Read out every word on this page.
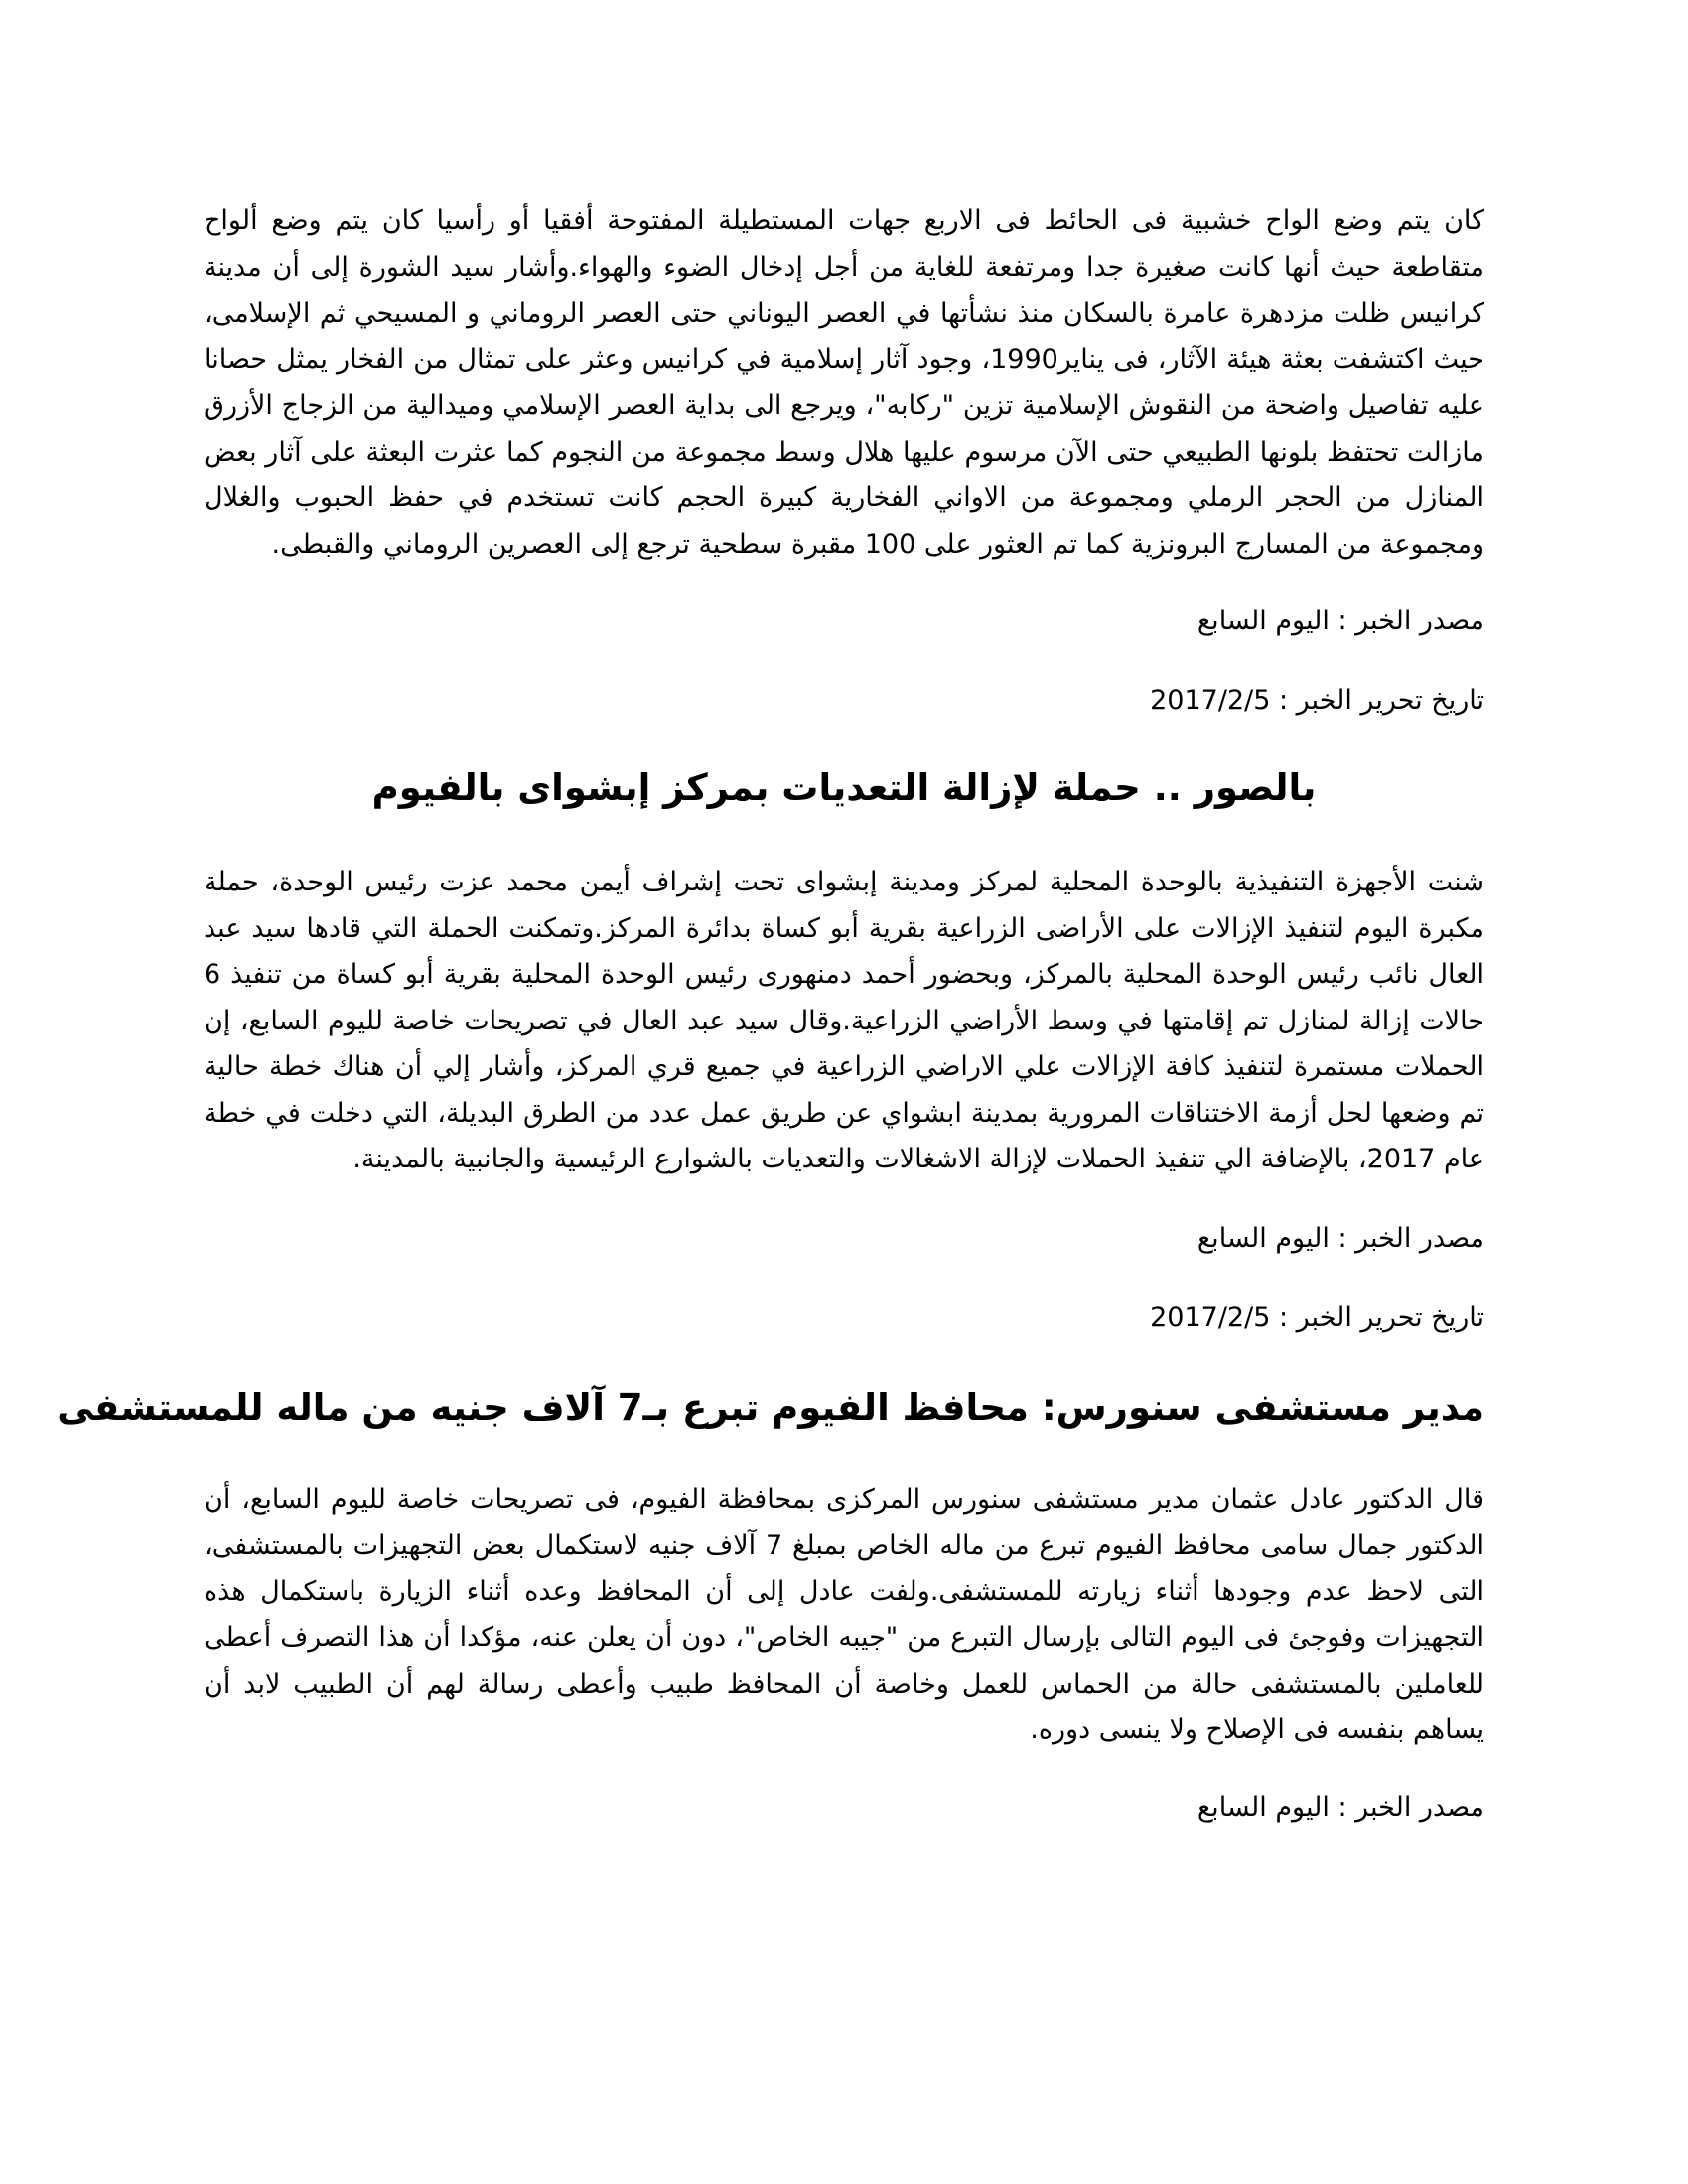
كان يتم وضع الواح خشبية فى الحائط فى الاربع جهات المستطيلة المفتوحة أفقيا أو رأسيا كان يتم وضع ألواح متقاطعة حيث أنها كانت صغيرة جدا ومرتفعة للغاية من أجل إدخال الضوء والهواء.وأشار سيد الشورة إلى أن مدينة كرانيس ظلت مزدهرة عامرة بالسكان منذ نشأتها في العصر اليوناني حتى العصر الروماني و المسيحي ثم الإسلامى، حيث اكتشفت بعثة هيئة الآثار، فى يناير1990، وجود آثار إسلامية في كرانيس وعثر على تمثال من الفخار يمثل حصانا عليه تفاصيل واضحة من النقوش الإسلامية تزين "ركابه"، ويرجع الى بداية العصر الإسلامي وميدالية من الزجاج الأزرق مازالت تحتفظ بلونها الطبيعي حتى الآن مرسوم عليها هلال وسط مجموعة من النجوم كما عثرت البعثة على آثار بعض المنازل من الحجر الرملي ومجموعة من الاواني الفخارية كبيرة الحجم كانت تستخدم في حفظ الحبوب والغلال ومجموعة من المسارج البرونزية كما تم العثور على 100 مقبرة سطحية ترجع إلى العصرين الروماني والقبطى.

مصدر الخبر : اليوم السابع

تاريخ تحرير الخبر : 2017/2/5

بالصور .. حملة لإزالة التعديات بمركز إبشواى بالفيوم

شنت الأجهزة التنفيذية بالوحدة المحلية لمركز ومدينة إبشواى تحت إشراف أيمن محمد عزت رئيس الوحدة، حملة مكبرة اليوم لتنفيذ الإزالات على الأراضى الزراعية بقرية أبو كساة بدائرة المركز.وتمكنت الحملة التي قادها سيد عبد العال نائب رئيس الوحدة المحلية بالمركز، وبحضور أحمد دمنهورى رئيس الوحدة المحلية بقرية أبو كساة من تنفيذ 6 حالات إزالة لمنازل تم إقامتها في وسط الأراضي الزراعية.وقال سيد عبد العال في تصريحات خاصة لليوم السابع، إن الحملات مستمرة لتنفيذ كافة الإزالات علي الاراضي الزراعية في جميع قري المركز، وأشار إلي أن هناك خطة حالية تم وضعها لحل أزمة الاختناقات المرورية بمدينة ابشواي عن طريق عمل عدد من الطرق البديلة، التي دخلت في خطة عام 2017، بالإضافة الي تنفيذ الحملات لإزالة الاشغالات والتعديات بالشوارع الرئيسية والجانبية بالمدينة.

مصدر الخبر : اليوم السابع

تاريخ تحرير الخبر : 2017/2/5

مدير مستشفى سنورس: محافظ الفيوم تبرع بـ7 آلاف جنيه من ماله للمستشفى

قال الدكتور عادل عثمان مدير مستشفى سنورس المركزى بمحافظة الفيوم، فى تصريحات خاصة لليوم السابع، أن الدكتور جمال سامى محافظ الفيوم تبرع من ماله الخاص بمبلغ 7 آلاف جنيه لاستكمال بعض التجهيزات بالمستشفى، التى لاحظ عدم وجودها أثناء زيارته للمستشفى.ولفت عادل إلى أن المحافظ وعده أثناء الزيارة باستكمال هذه التجهيزات وفوجئ فى اليوم التالى بإرسال التبرع من "جيبه الخاص"، دون أن يعلن عنه، مؤكدا أن هذا التصرف أعطى للعاملين بالمستشفى حالة من الحماس للعمل وخاصة أن المحافظ طبيب وأعطى رسالة لهم أن الطبيب لابد أن يساهم بنفسه فى الإصلاح ولا ينسى دوره.

مصدر الخبر : اليوم السابع
